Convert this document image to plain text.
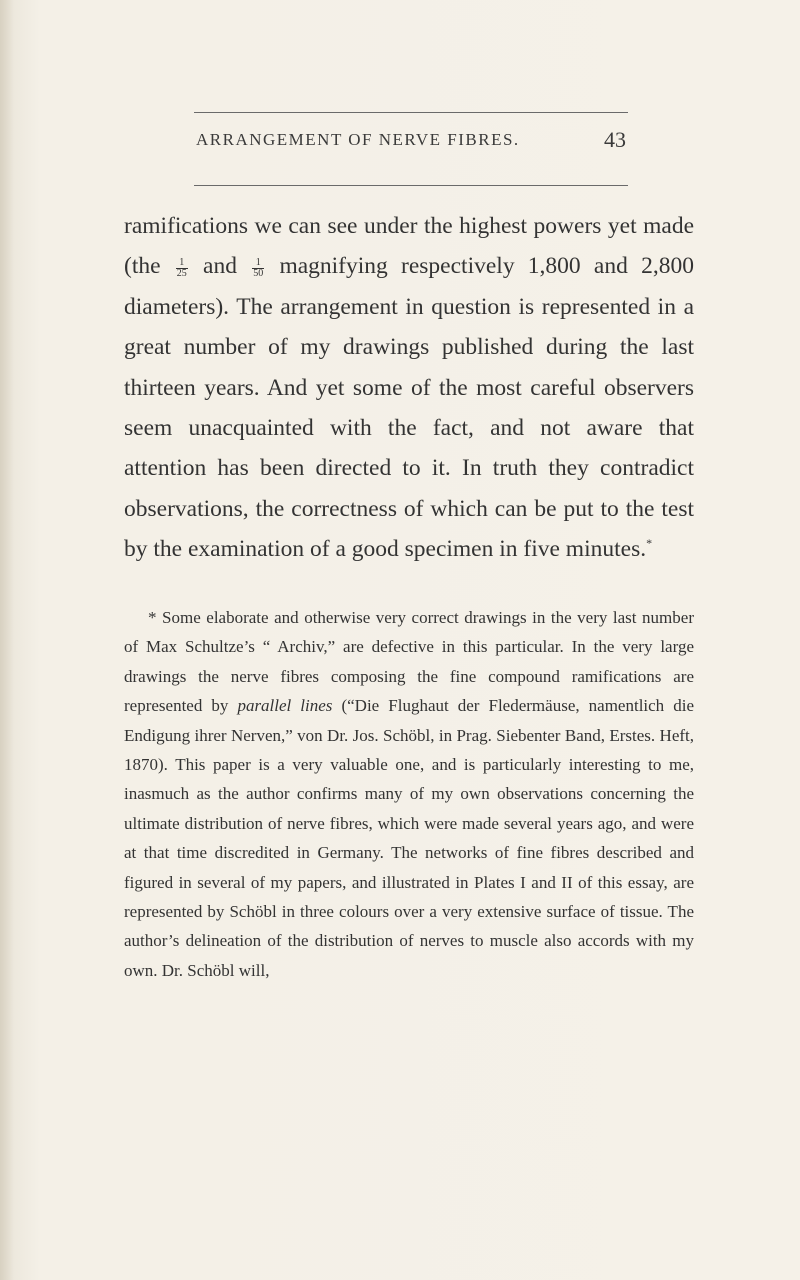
ARRANGEMENT OF NERVE FIBRES.	43

ramifications we can see under the highest powers yet made ($the \frac{1}{25}$ and $\frac{1}{50}$ magnifying respectively 1,800 and 2,800 diameters). The arrangement in question is represented in a great number of my drawings published during the last thirteen years. And yet some of the most careful observers seem unacquainted with the fact, and not aware that attention has been directed to it. In truth they contradict observations, the correctness of which can be put to the test by the examination of a good specimen in five minutes.*

* Some elaborate and otherwise very correct drawings in the very last number of Max Schultze’s “ Archiv,” are defective in this particular. In the very large drawings the nerve fibres composing the fine compound ramifications are represented by parallel lines (“Die Flughaut der Fledermäuse, namentlich die Endigung ihrer Nerven,” von Dr. Jos. Schöbl, in Prag. Siebenter Band, Erstes. Heft, 1870). This paper is a very valuable one, and is particularly interesting to me, inasmuch as the author confirms many of my own observations concerning the ultimate distribution of nerve fibres, which were made several years ago, and were at that time discredited in Germany. The networks of fine fibres described and figured in several of my papers, and illustrated in Plates I and II of this essay, are represented by Schöbl in three colours over a very extensive surface of tissue. The author’s delineation of the distribution of nerves to muscle also accords with my own. Dr. Schöbl will,
